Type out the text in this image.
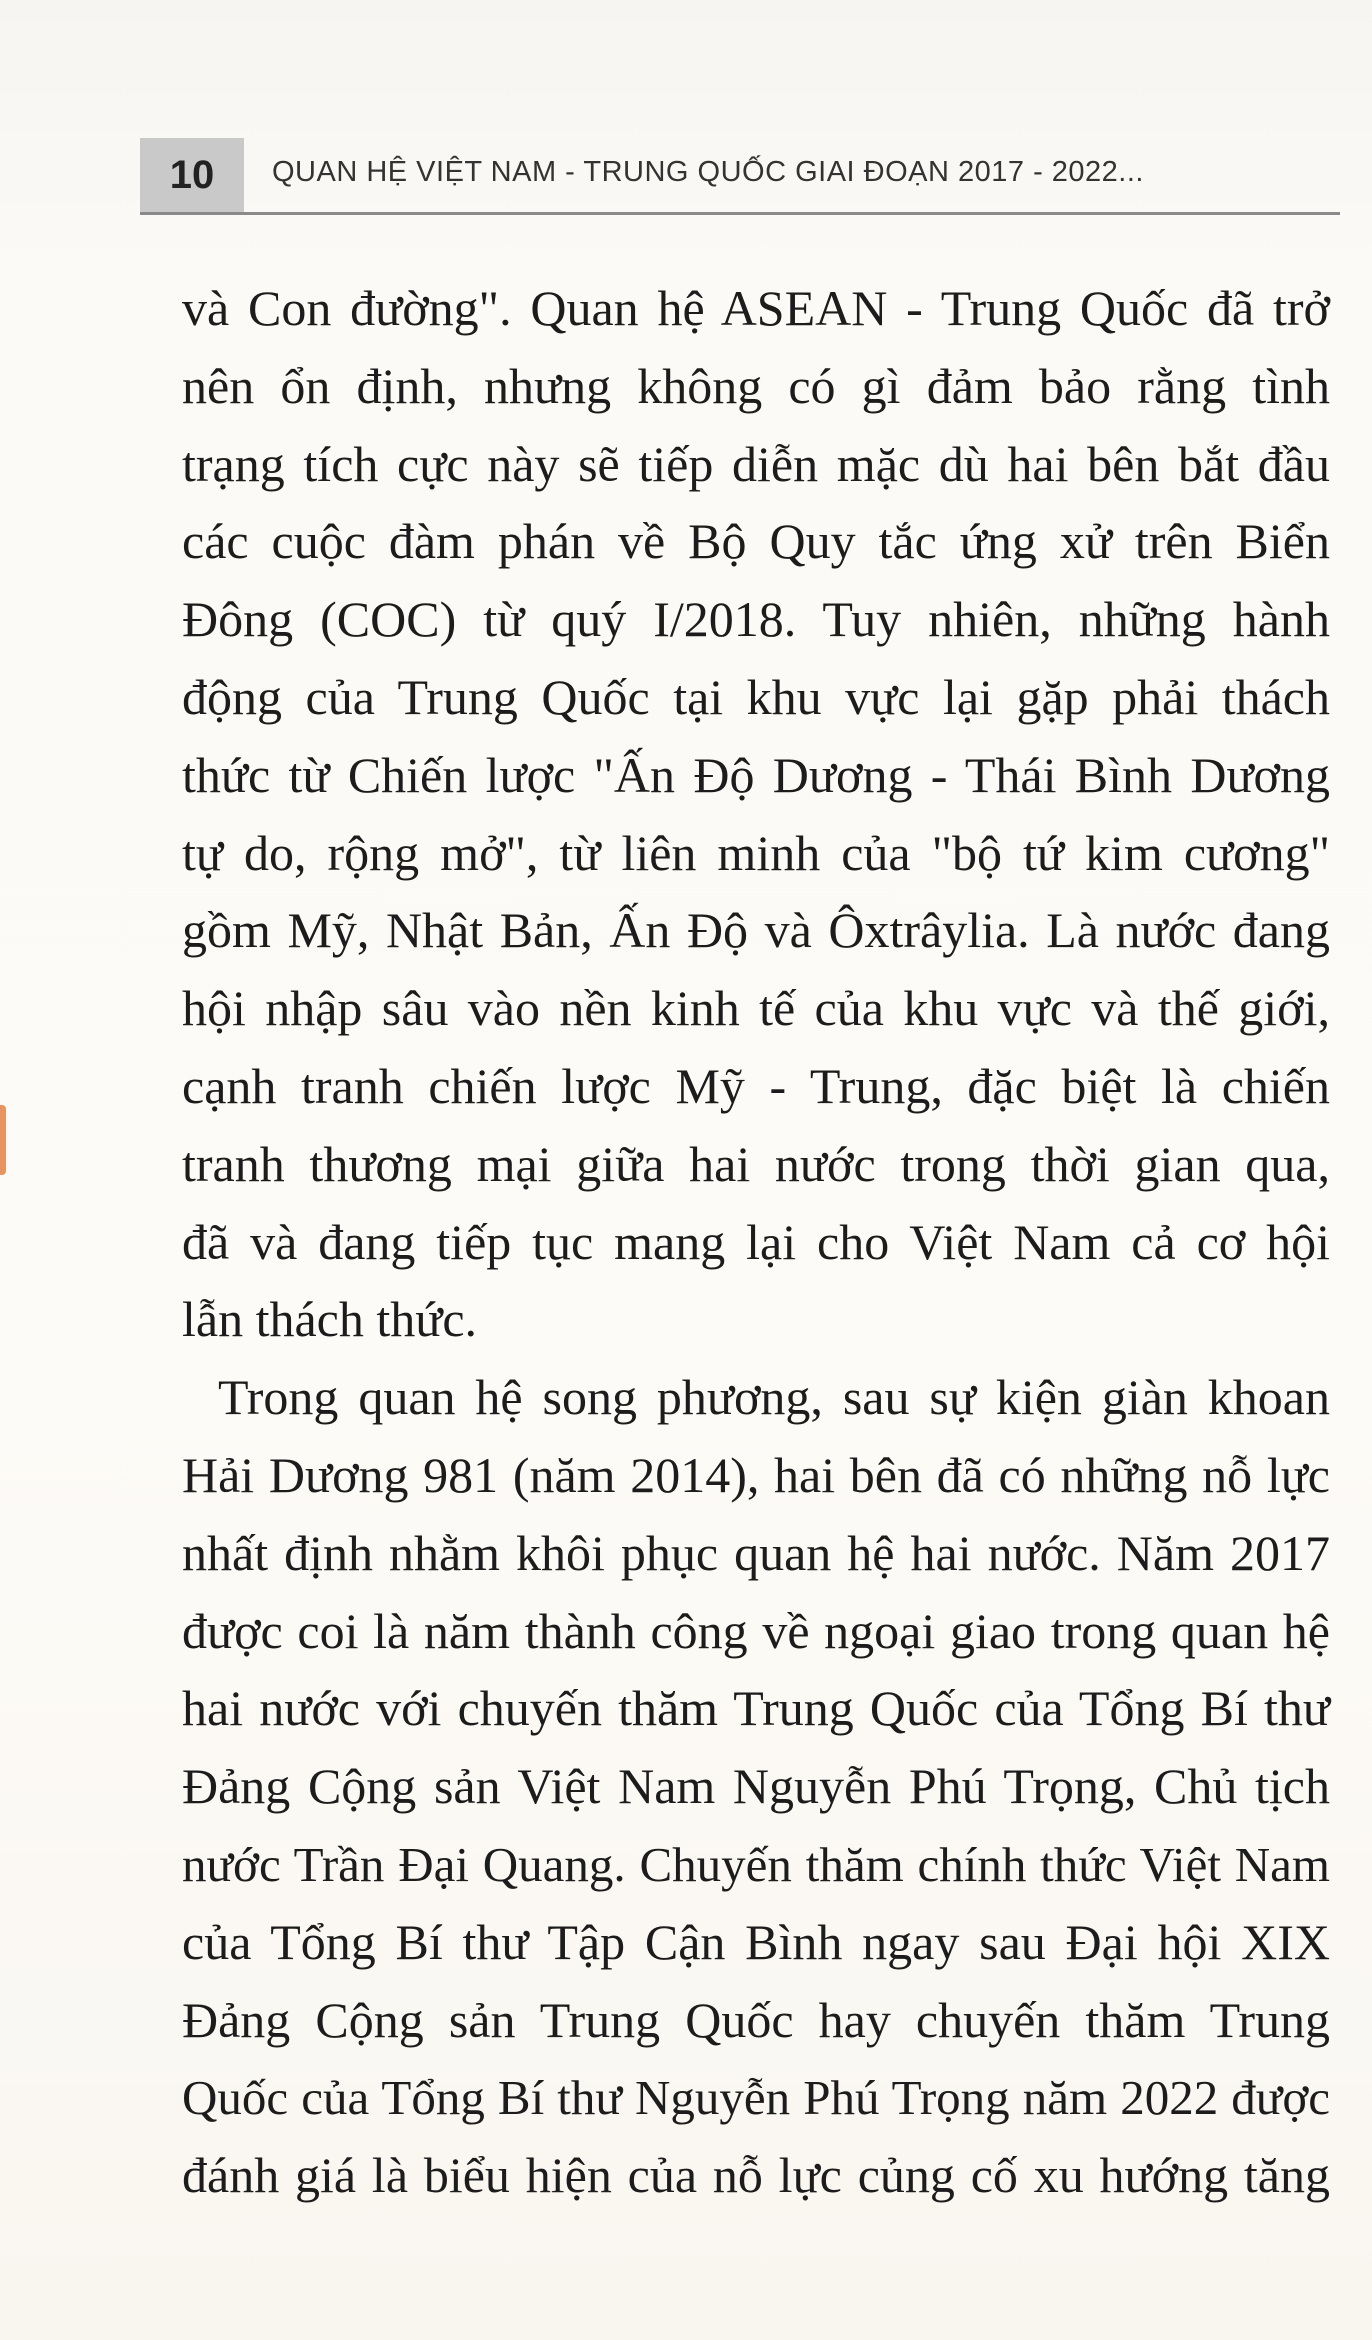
10	QUAN HỆ VIỆT NAM - TRUNG QUỐC GIAI ĐOẠN 2017 - 2022...
và Con đường". Quan hệ ASEAN - Trung Quốc đã trở
nên ổn định, nhưng không có gì đảm bảo rằng tình
trạng tích cực này sẽ tiếp diễn mặc dù hai bên bắt đầu
các cuộc đàm phán về Bộ Quy tắc ứng xử trên Biển
Đông (COC) từ quý I/2018. Tuy nhiên, những hành
động của Trung Quốc tại khu vực lại gặp phải thách
thức từ Chiến lược "Ấn Độ Dương - Thái Bình Dương
tự do, rộng mở", từ liên minh của "bộ tứ kim cương"
gồm Mỹ, Nhật Bản, Ấn Độ và Ôxtrâylia. Là nước đang
hội nhập sâu vào nền kinh tế của khu vực và thế giới,
cạnh tranh chiến lược Mỹ - Trung, đặc biệt là chiến
tranh thương mại giữa hai nước trong thời gian qua,
đã và đang tiếp tục mang lại cho Việt Nam cả cơ hội
lẫn thách thức.
Trong quan hệ song phương, sau sự kiện giàn khoan
Hải Dương 981 (năm 2014), hai bên đã có những nỗ lực
nhất định nhằm khôi phục quan hệ hai nước. Năm 2017
được coi là năm thành công về ngoại giao trong quan hệ
hai nước với chuyến thăm Trung Quốc của Tổng Bí thư
Đảng Cộng sản Việt Nam Nguyễn Phú Trọng, Chủ tịch
nước Trần Đại Quang. Chuyến thăm chính thức Việt Nam
của Tổng Bí thư Tập Cận Bình ngay sau Đại hội XIX
Đảng Cộng sản Trung Quốc hay chuyến thăm Trung
Quốc của Tổng Bí thư Nguyễn Phú Trọng năm 2022 được
đánh giá là biểu hiện của nỗ lực củng cố xu hướng tăng
